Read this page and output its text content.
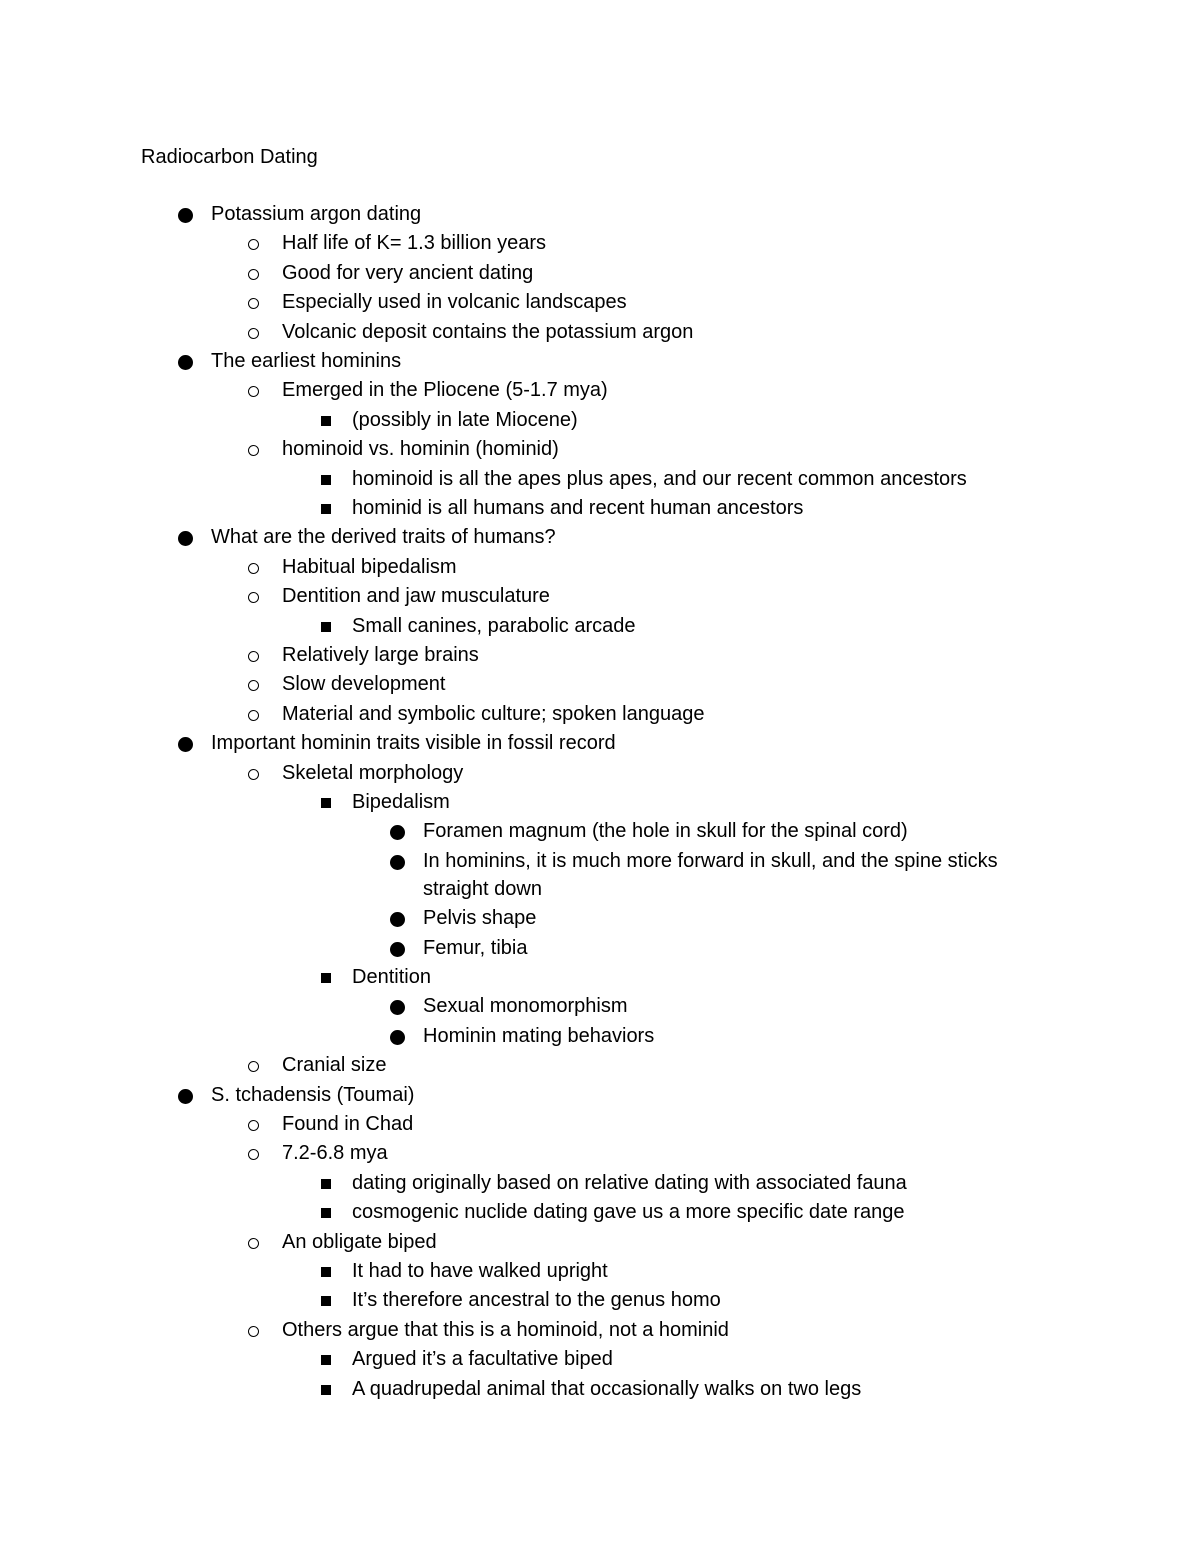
Radiocarbon Dating
Potassium argon dating
Half life of K= 1.3 billion years
Good for very ancient dating
Especially used in volcanic landscapes
Volcanic deposit contains the potassium argon
The earliest hominins
Emerged in the Pliocene (5-1.7 mya)
(possibly in late Miocene)
hominoid vs. hominin (hominid)
hominoid is all the apes plus apes, and our recent common ancestors
hominid is all humans and recent human ancestors
What are the derived traits of humans?
Habitual bipedalism
Dentition and jaw musculature
Small canines, parabolic arcade
Relatively large brains
Slow development
Material and symbolic culture; spoken language
Important hominin traits visible in fossil record
Skeletal morphology
Bipedalism
Foramen magnum (the hole in skull for the spinal cord)
In hominins, it is much more forward in skull, and the spine sticks
straight down
Pelvis shape
Femur, tibia
Dentition
Sexual monomorphism
Hominin mating behaviors
Cranial size
S. tchadensis (Toumai)
Found in Chad
7.2-6.8 mya
dating originally based on relative dating with associated fauna
cosmogenic nuclide dating gave us a more specific date range
An obligate biped
It had to have walked upright
It’s therefore ancestral to the genus homo
Others argue that this is a hominoid, not a hominid
Argued it’s a facultative biped
A quadrupedal animal that occasionally walks on two legs
